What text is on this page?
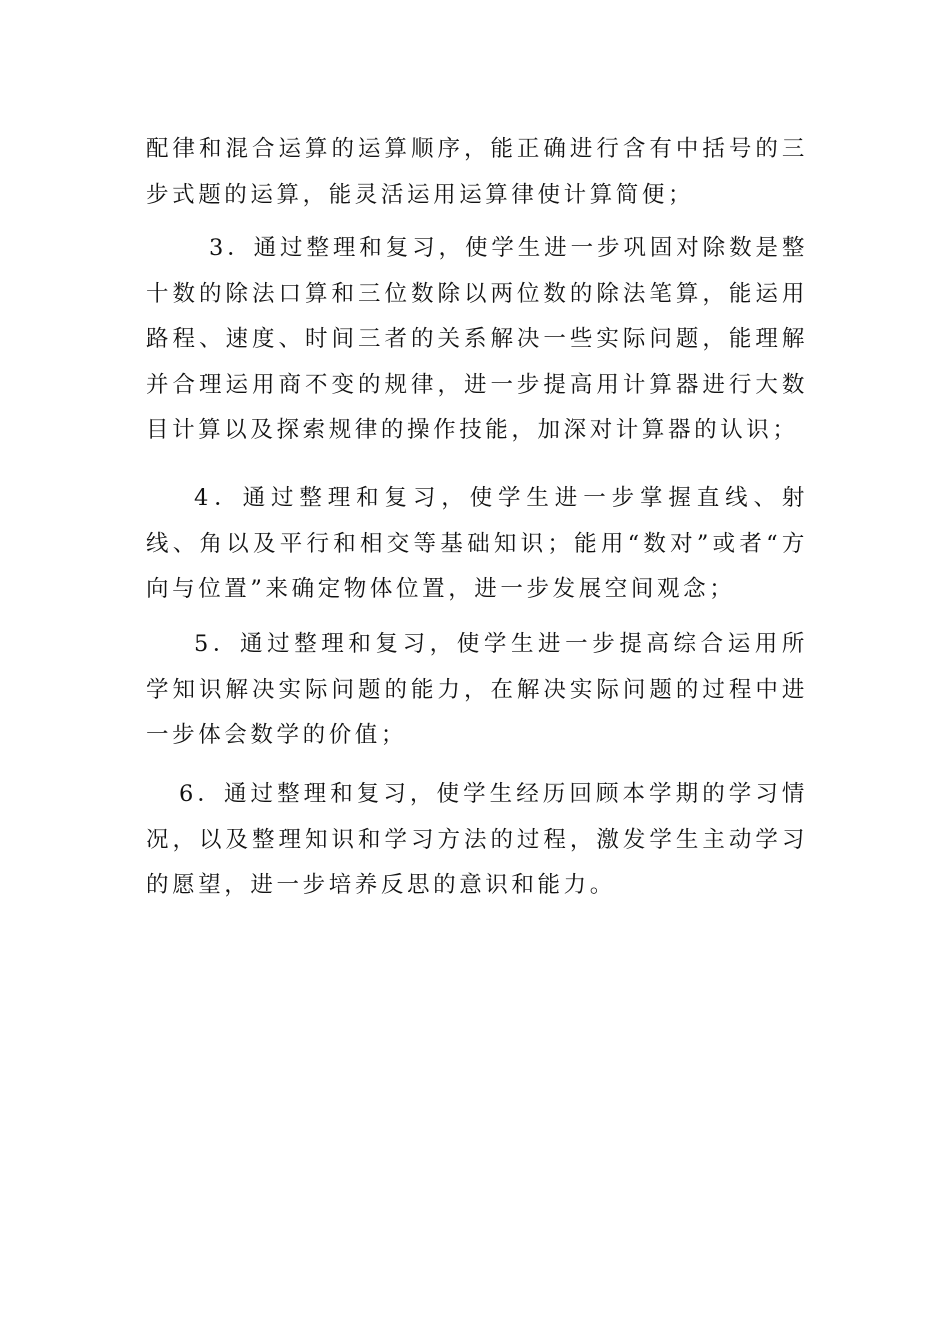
配律和混合运算的运算顺序，能正确进行含有中括号的三步式题的运算，能灵活运用运算律使计算简便；

3．通过整理和复习，使学生进一步巩固对除数是整十数的除法口算和三位数除以两位数的除法笔算，能运用路程、速度、时间三者的关系解决一些实际问题，能理解并合理运用商不变的规律，进一步提高用计算器进行大数目计算以及探索规律的操作技能，加深对计算器的认识；

4．通过整理和复习，使学生进一步掌握直线、射线、角以及平行和相交等基础知识；能用“数对”或者“方向与位置”来确定物体位置，进一步发展空间观念；

5．通过整理和复习，使学生进一步提高综合运用所学知识解决实际问题的能力，在解决实际问题的过程中进一步体会数学的价值；

6．通过整理和复习，使学生经历回顾本学期的学习情况，以及整理知识和学习方法的过程，激发学生主动学习的愿望，进一步培养反思的意识和能力。
